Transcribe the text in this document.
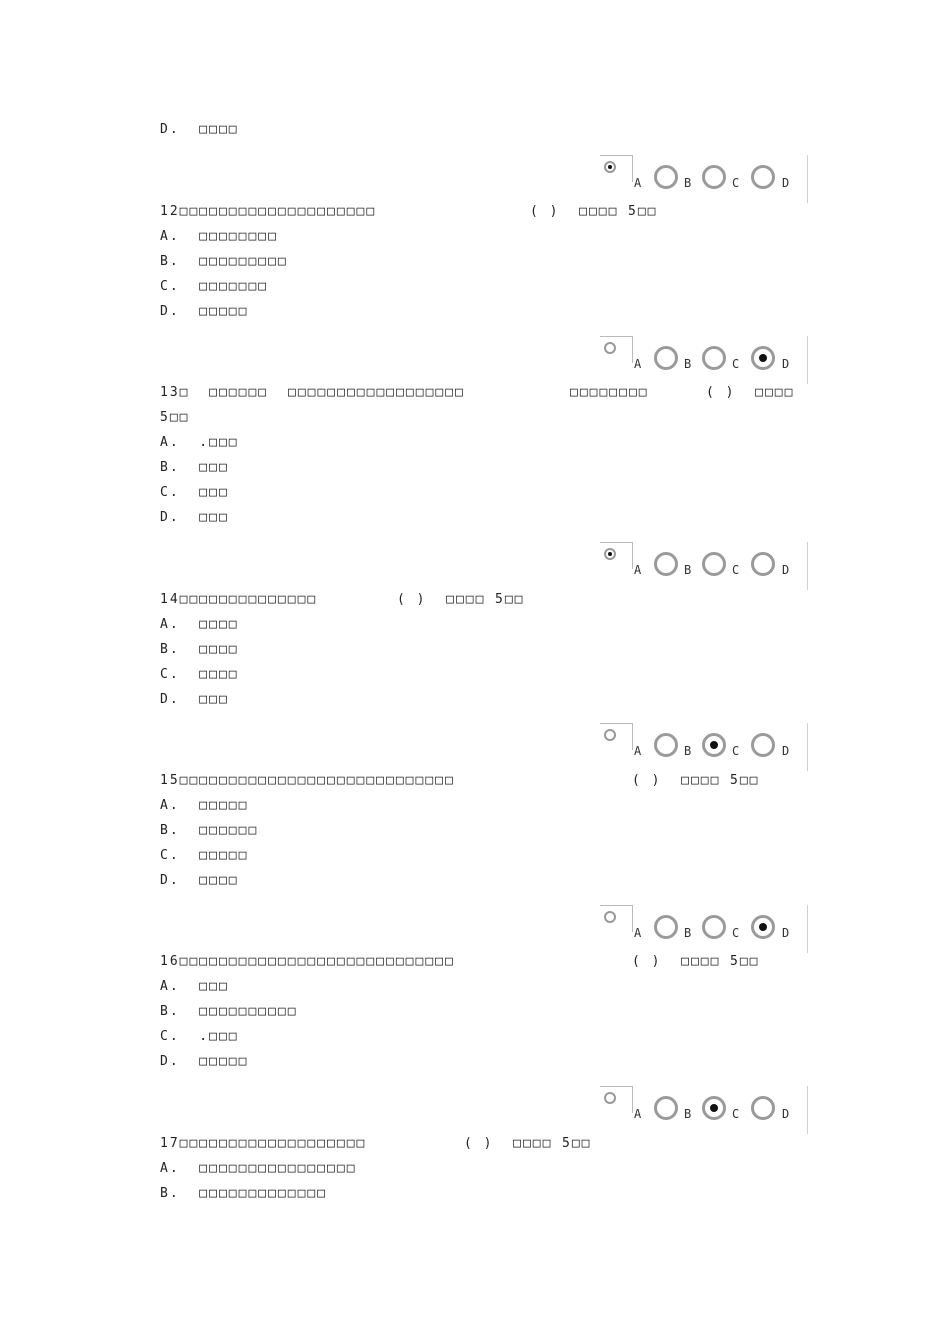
D.  □□□□
12□□□□□□□□□□□□□□□□□□□□	( )  □□□□ 5□□
A.  □□□□□□□□
B.  □□□□□□□□□
C.  □□□□□□□
D.  □□□□□
13□  □□□□□□ □□□□□□□□□□□□□□□□□□	□□□□□□□□	( )  □□□□
5□□
A.  .□□□
B.  □□□
C.  □□□
D.  □□□
14□□□□□□□□□□□□□□	( )  □□□□ 5□□
A.  □□□□
B.  □□□□
C.  □□□□
D.  □□□
15□□□□□□□□□□□□□□□□□□□□□□□□□□□□	( )  □□□□ 5□□
A.  □□□□□
B.  □□□□□□
C.  □□□□□
D.  □□□□
16□□□□□□□□□□□□□□□□□□□□□□□□□□□□	( )  □□□□ 5□□
A.  □□□
B.  □□□□□□□□□□
C.  .□□□
D.  □□□□□
17□□□□□□□□□□□□□□□□□□□	( )  □□□□ 5□□
A.  □□□□□□□□□□□□□□□□
B.  □□□□□□□□□□□□□
A	B	C	D
A	B	C	D
A	B	C	D
A	B	C	D
A	B	C	D
A	B	C	D
